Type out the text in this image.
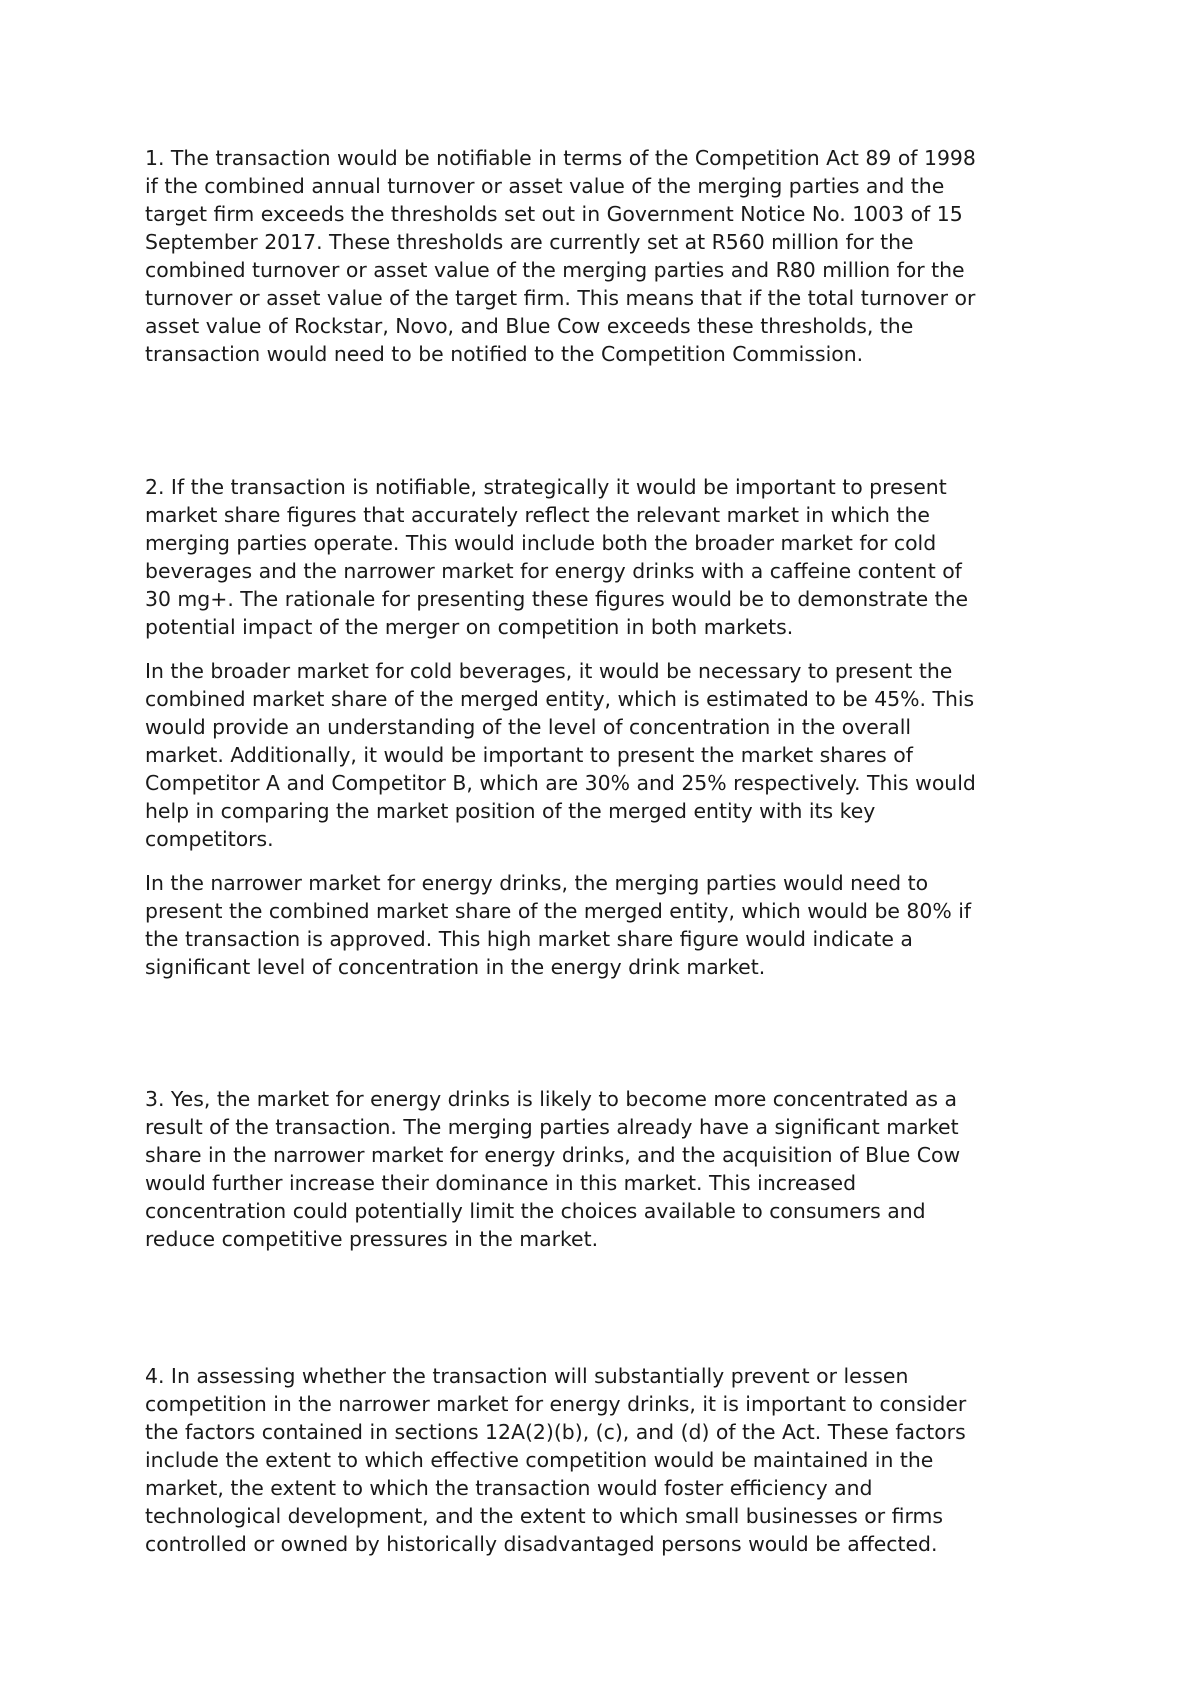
1. The transaction would be notifiable in terms of the Competition Act 89 of 1998
if the combined annual turnover or asset value of the merging parties and the
target firm exceeds the thresholds set out in Government Notice No. 1003 of 15
September 2017. These thresholds are currently set at R560 million for the
combined turnover or asset value of the merging parties and R80 million for the
turnover or asset value of the target firm. This means that if the total turnover or
asset value of Rockstar, Novo, and Blue Cow exceeds these thresholds, the
transaction would need to be notified to the Competition Commission.

2. If the transaction is notifiable, strategically it would be important to present
market share figures that accurately reflect the relevant market in which the
merging parties operate. This would include both the broader market for cold
beverages and the narrower market for energy drinks with a caffeine content of
30 mg+. The rationale for presenting these figures would be to demonstrate the
potential impact of the merger on competition in both markets.

In the broader market for cold beverages, it would be necessary to present the
combined market share of the merged entity, which is estimated to be 45%. This
would provide an understanding of the level of concentration in the overall
market. Additionally, it would be important to present the market shares of
Competitor A and Competitor B, which are 30% and 25% respectively. This would
help in comparing the market position of the merged entity with its key
competitors.

In the narrower market for energy drinks, the merging parties would need to
present the combined market share of the merged entity, which would be 80% if
the transaction is approved. This high market share figure would indicate a
significant level of concentration in the energy drink market.

3. Yes, the market for energy drinks is likely to become more concentrated as a
result of the transaction. The merging parties already have a significant market
share in the narrower market for energy drinks, and the acquisition of Blue Cow
would further increase their dominance in this market. This increased
concentration could potentially limit the choices available to consumers and
reduce competitive pressures in the market.

4. In assessing whether the transaction will substantially prevent or lessen
competition in the narrower market for energy drinks, it is important to consider
the factors contained in sections 12A(2)(b), (c), and (d) of the Act. These factors
include the extent to which effective competition would be maintained in the
market, the extent to which the transaction would foster efficiency and
technological development, and the extent to which small businesses or firms
controlled or owned by historically disadvantaged persons would be affected.
